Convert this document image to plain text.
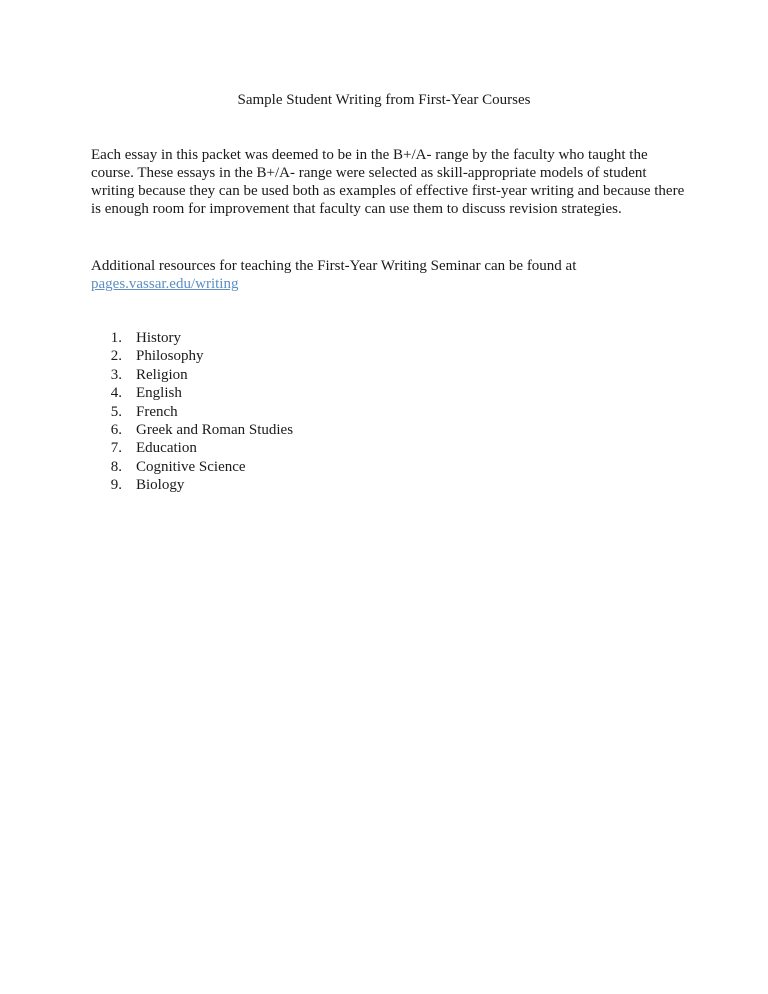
Sample Student Writing from First-Year Courses

Each essay in this packet was deemed to be in the B+/A- range by the faculty who taught the course. These essays in the B+/A- range were selected as skill-appropriate models of student writing because they can be used both as examples of effective first-year writing and because there is enough room for improvement that faculty can use them to discuss revision strategies.

Additional resources for teaching the First-Year Writing Seminar can be found at
pages.vassar.edu/writing

1. History
2. Philosophy
3. Religion
4. English
5. French
6. Greek and Roman Studies
7. Education
8. Cognitive Science
9. Biology
